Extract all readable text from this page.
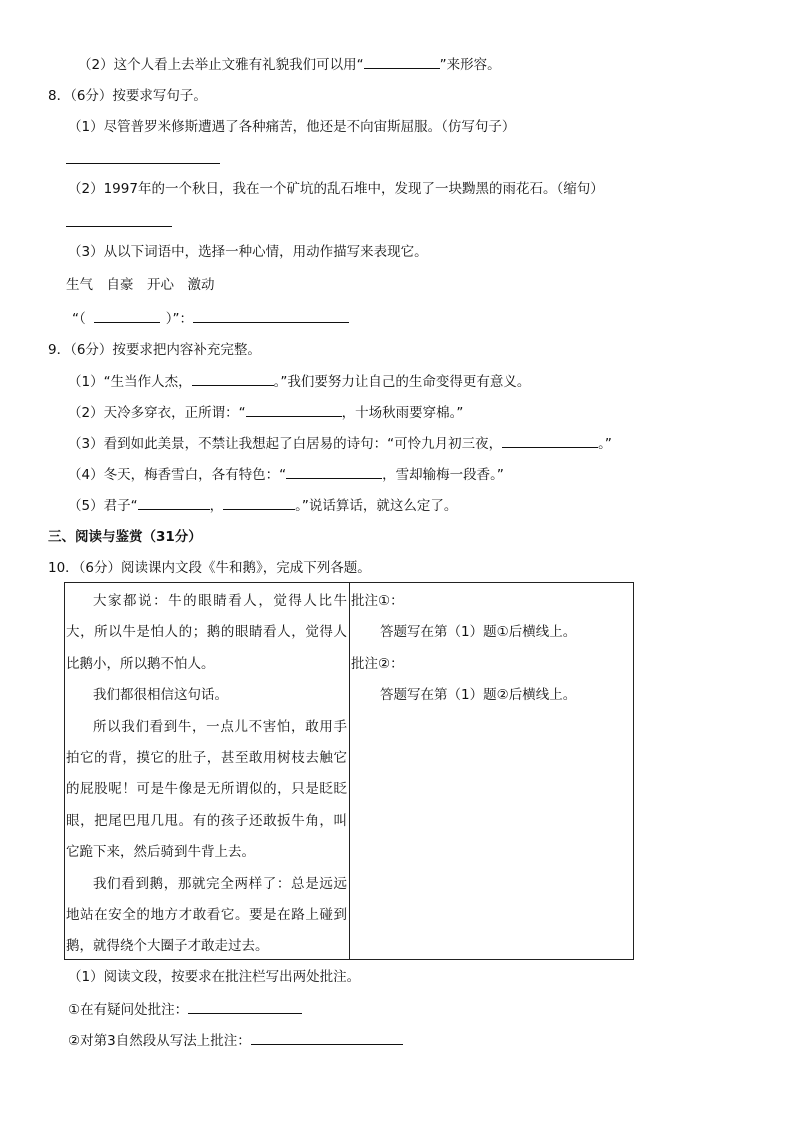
（2）这个人看上去举止文雅有礼貌我们可以用“	”来形容。
8．（6分）按要求写句子。
（1）尽管普罗米修斯遭遇了各种痛苦，他还是不向宙斯屈服。（仿写句子）
（2）1997年的一个秋日，我在一个矿坑的乱石堆中，发现了一块黝黑的雨花石。（缩句）
（3）从以下词语中，选择一种心情，用动作描写来表现它。
生气　自豪　开心　激动
“（	）”：
9．（6分）按要求把内容补充完整。
（1）“生当作人杰，	。”我们要努力让自己的生命变得更有意义。
（2）天冷多穿衣，正所谓：“	，十场秋雨要穿棉。”
（3）看到如此美景，不禁让我想起了白居易的诗句：“可怜九月初三夜，	。”
（4）冬天，梅香雪白，各有特色：“	，雪却输梅一段香。”
（5）君子“	，	。”说话算话，就这么定了。
三、阅读与鉴赏（31分）
10．（6分）阅读课内文段《牛和鹅》，完成下列各题。

大家都说：牛的眼睛看人，觉得人比牛大，所以牛是怕人的；鹅的眼睛看人，觉得人比鹅小，所以鹅不怕人。

我们都很相信这句话。

所以我们看到牛，一点儿不害怕，敢用手拍它的背，摸它的肚子，甚至敢用树枝去触它的屁股呢！可是牛像是无所谓似的，只是眨眨眼，把尾巴甩几甩。有的孩子还敢扳牛角，叫它跪下来，然后骑到牛背上去。

我们看到鹅，那就完全两样了：总是远远地站在安全的地方才敢看它。要是在路上碰到鹅，就得绕个大圈子才敢走过去。

批注①：
答题写在第（1）题①后横线上。
批注②：
答题写在第（1）题②后横线上。
（1）阅读文段，按要求在批注栏写出两处批注。
①在有疑问处批注：
②对第3自然段从写法上批注：
